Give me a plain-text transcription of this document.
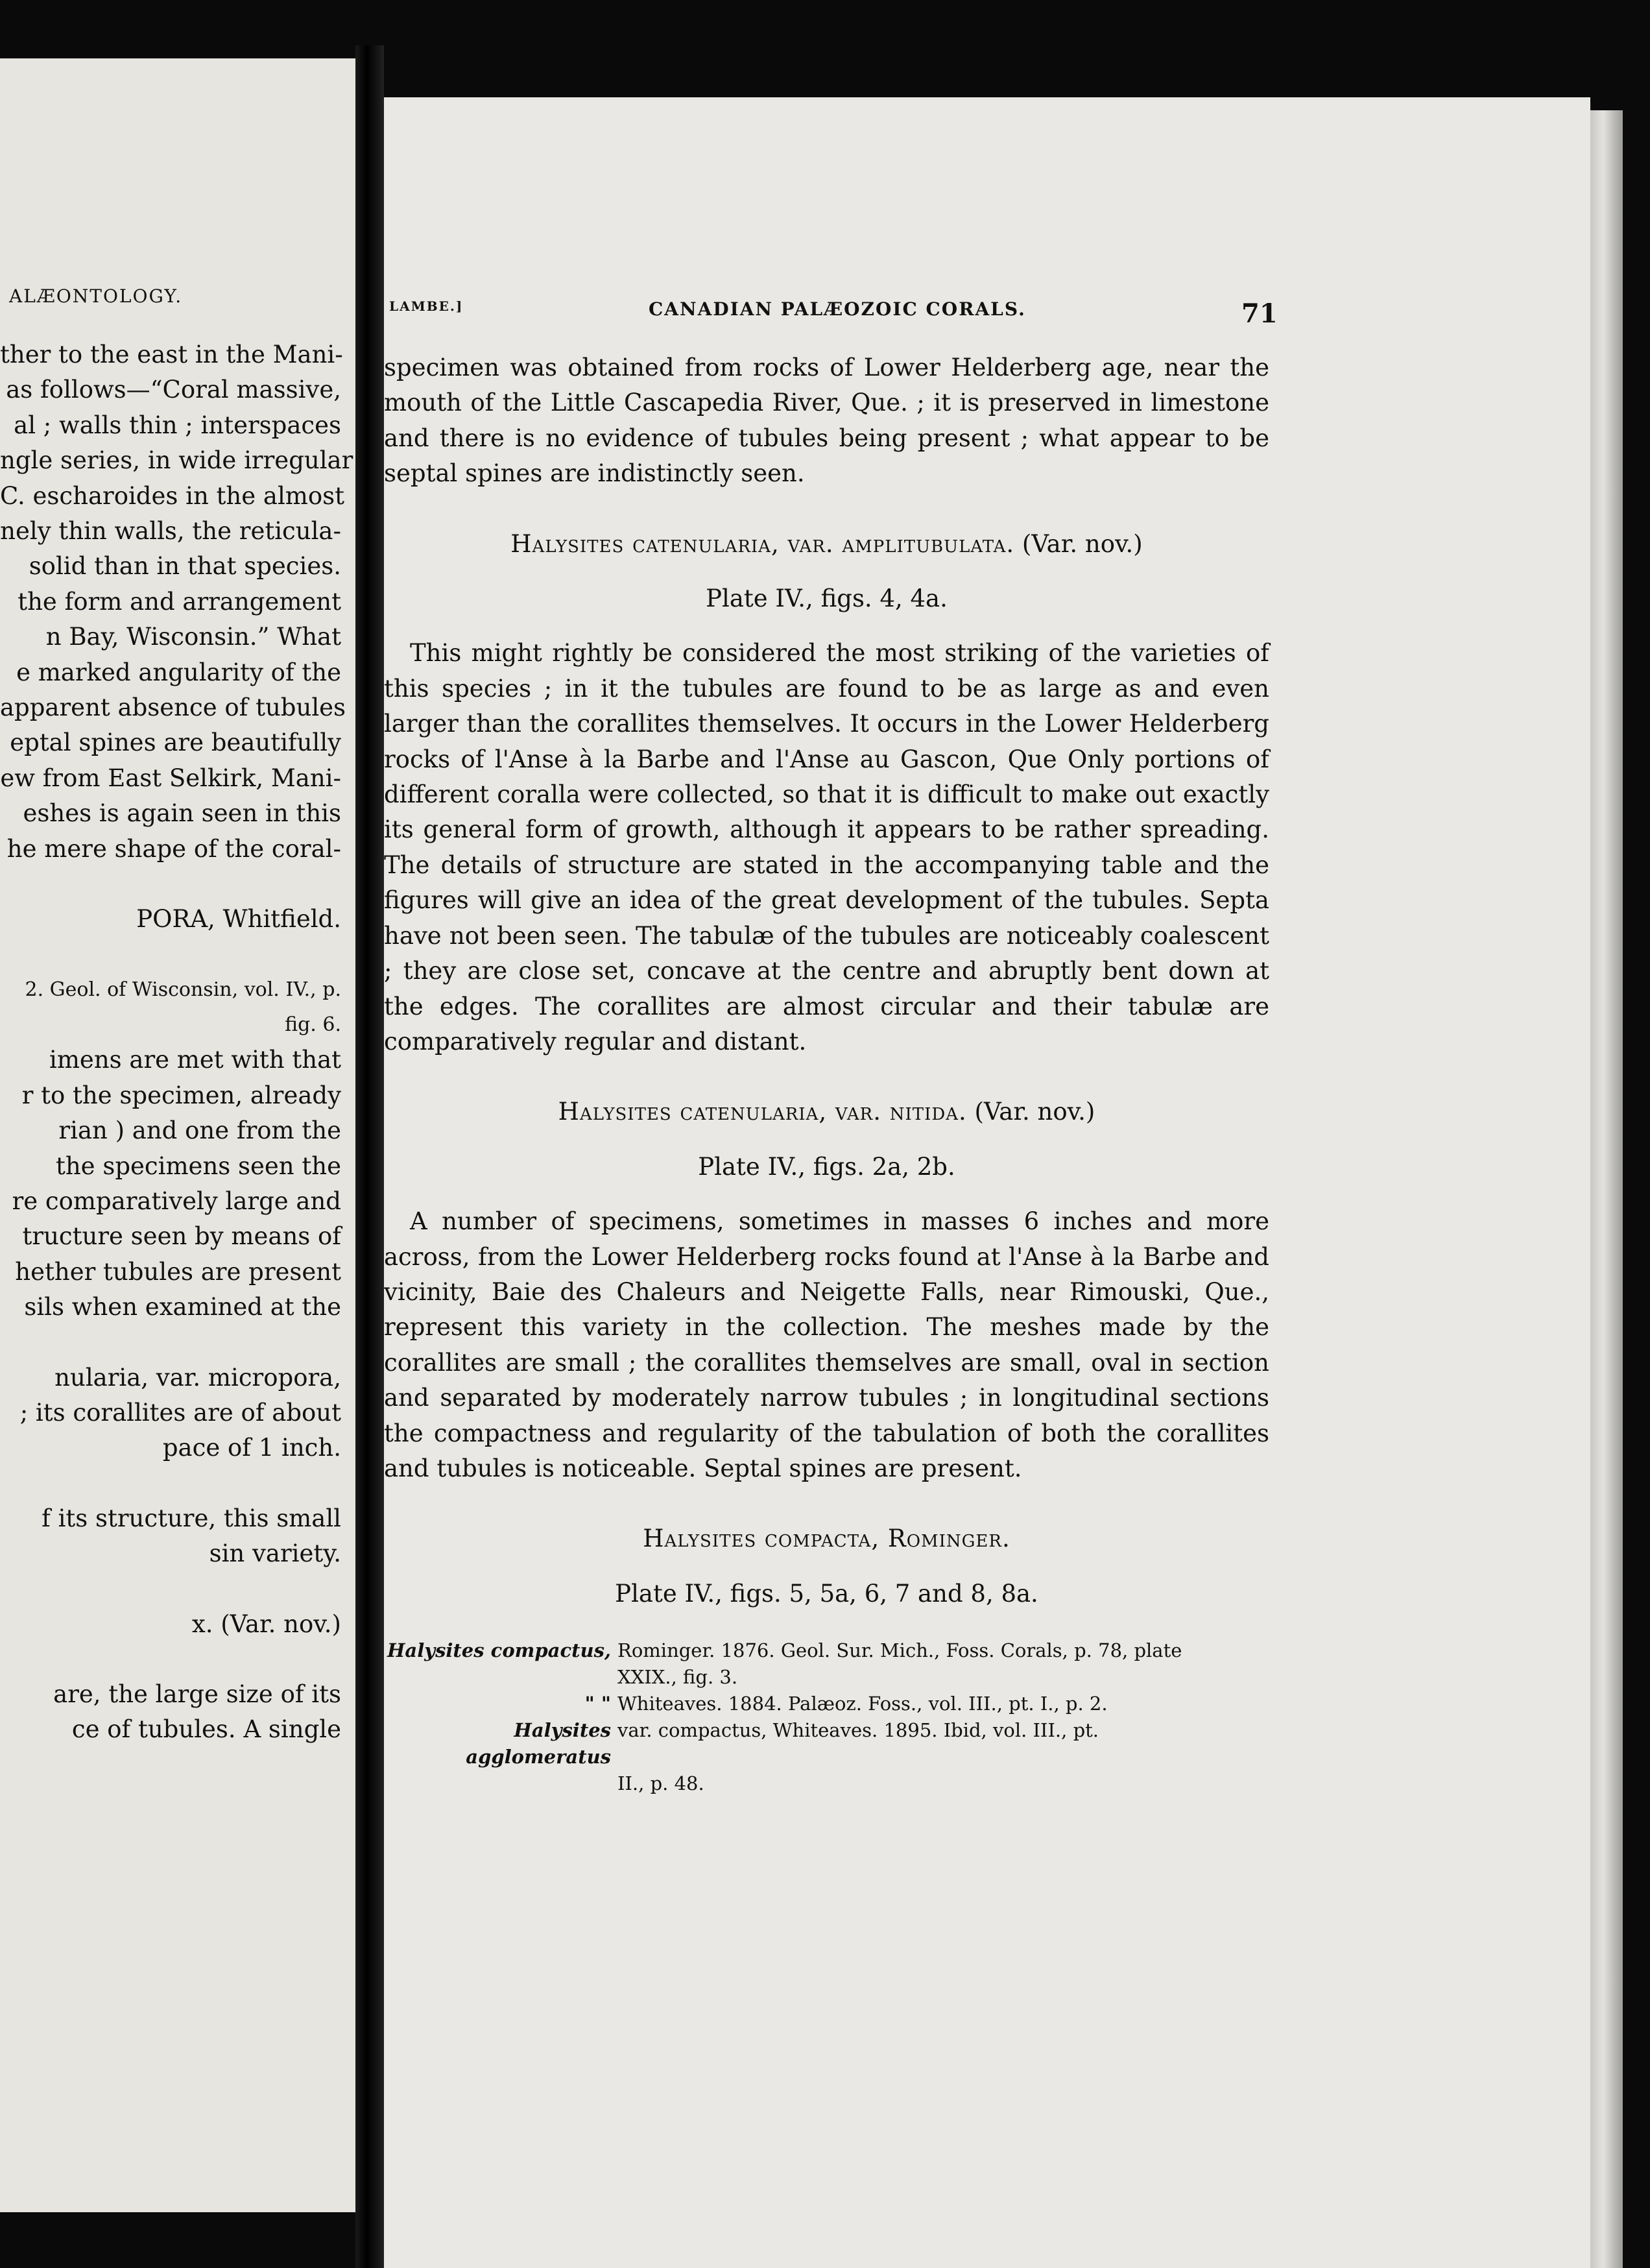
ALÆONTOLOGY.

ther to the east in the Mani-

as follows—“Coral massive,

al ; walls thin ; interspaces

ngle series, in wide irregular

C. escharoides in the almost

nely thin walls, the reticula-

solid than in that species.

the form and arrangement

n Bay, Wisconsin.” What

e marked angularity of the

apparent absence of tubules

eptal spines are beautifully

ew from East Selkirk, Mani-

eshes is again seen in this

he mere shape of the coral-

PORA, Whitfield.

2. Geol. of Wisconsin, vol. IV., p.

fig. 6.

imens are met with that

r to the specimen, already

rian ) and one from the

the specimens seen the

re comparatively large and

tructure seen by means of

hether tubules are present

sils when examined at the

nularia, var. micropora,

; its corallites are of about

pace of 1 inch.

f its structure, this small

sin variety.

x. (Var. nov.)

are, the large size of its

ce of tubules. A single

LAMBE.]	CANADIAN PALÆOZOIC CORALS.	71

specimen was obtained from rocks of Lower Helderberg age, near the mouth of the Little Cascapedia River, Que. ; it is preserved in limestone and there is no evidence of tubules being present ; what appear to be septal spines are indistinctly seen.

Halysites catenularia, var. amplitubulata. (Var. nov.)

Plate IV., figs. 4, 4a.

This might rightly be considered the most striking of the varieties of this species ; in it the tubules are found to be as large as and even larger than the corallites themselves. It occurs in the Lower Helderberg rocks of l'Anse à la Barbe and l'Anse au Gascon, Que Only portions of different coralla were collected, so that it is difficult to make out exactly its general form of growth, although it appears to be rather spreading. The details of structure are stated in the accompanying table and the figures will give an idea of the great development of the tubules. Septa have not been seen. The tabulæ of the tubules are noticeably coalescent ; they are close set, concave at the centre and abruptly bent down at the edges. The corallites are almost circular and their tabulæ are comparatively regular and distant.

Halysites catenularia, var. nitida. (Var. nov.)

Plate IV., figs. 2a, 2b.

A number of specimens, sometimes in masses 6 inches and more across, from the Lower Helderberg rocks found at l'Anse à la Barbe and vicinity, Baie des Chaleurs and Neigette Falls, near Rimouski, Que., represent this variety in the collection. The meshes made by the corallites are small ; the corallites themselves are small, oval in section and separated by moderately narrow tubules ; in longitudinal sections the compactness and regularity of the tabulation of both the corallites and tubules is noticeable. Septal spines are present.

Halysites compacta, Rominger.

Plate IV., figs. 5, 5a, 6, 7 and 8, 8a.

Halysites compactus, Rominger. 1876. Geol. Sur. Mich., Foss. Corals, p. 78, plate
XXIX., fig. 3.
" " Whiteaves. 1884. Palæoz. Foss., vol. III., pt. I., p. 2.
Halysites agglomeratus
var. compactus, Whiteaves. 1895. Ibid, vol. III., pt.
II., p. 48.
